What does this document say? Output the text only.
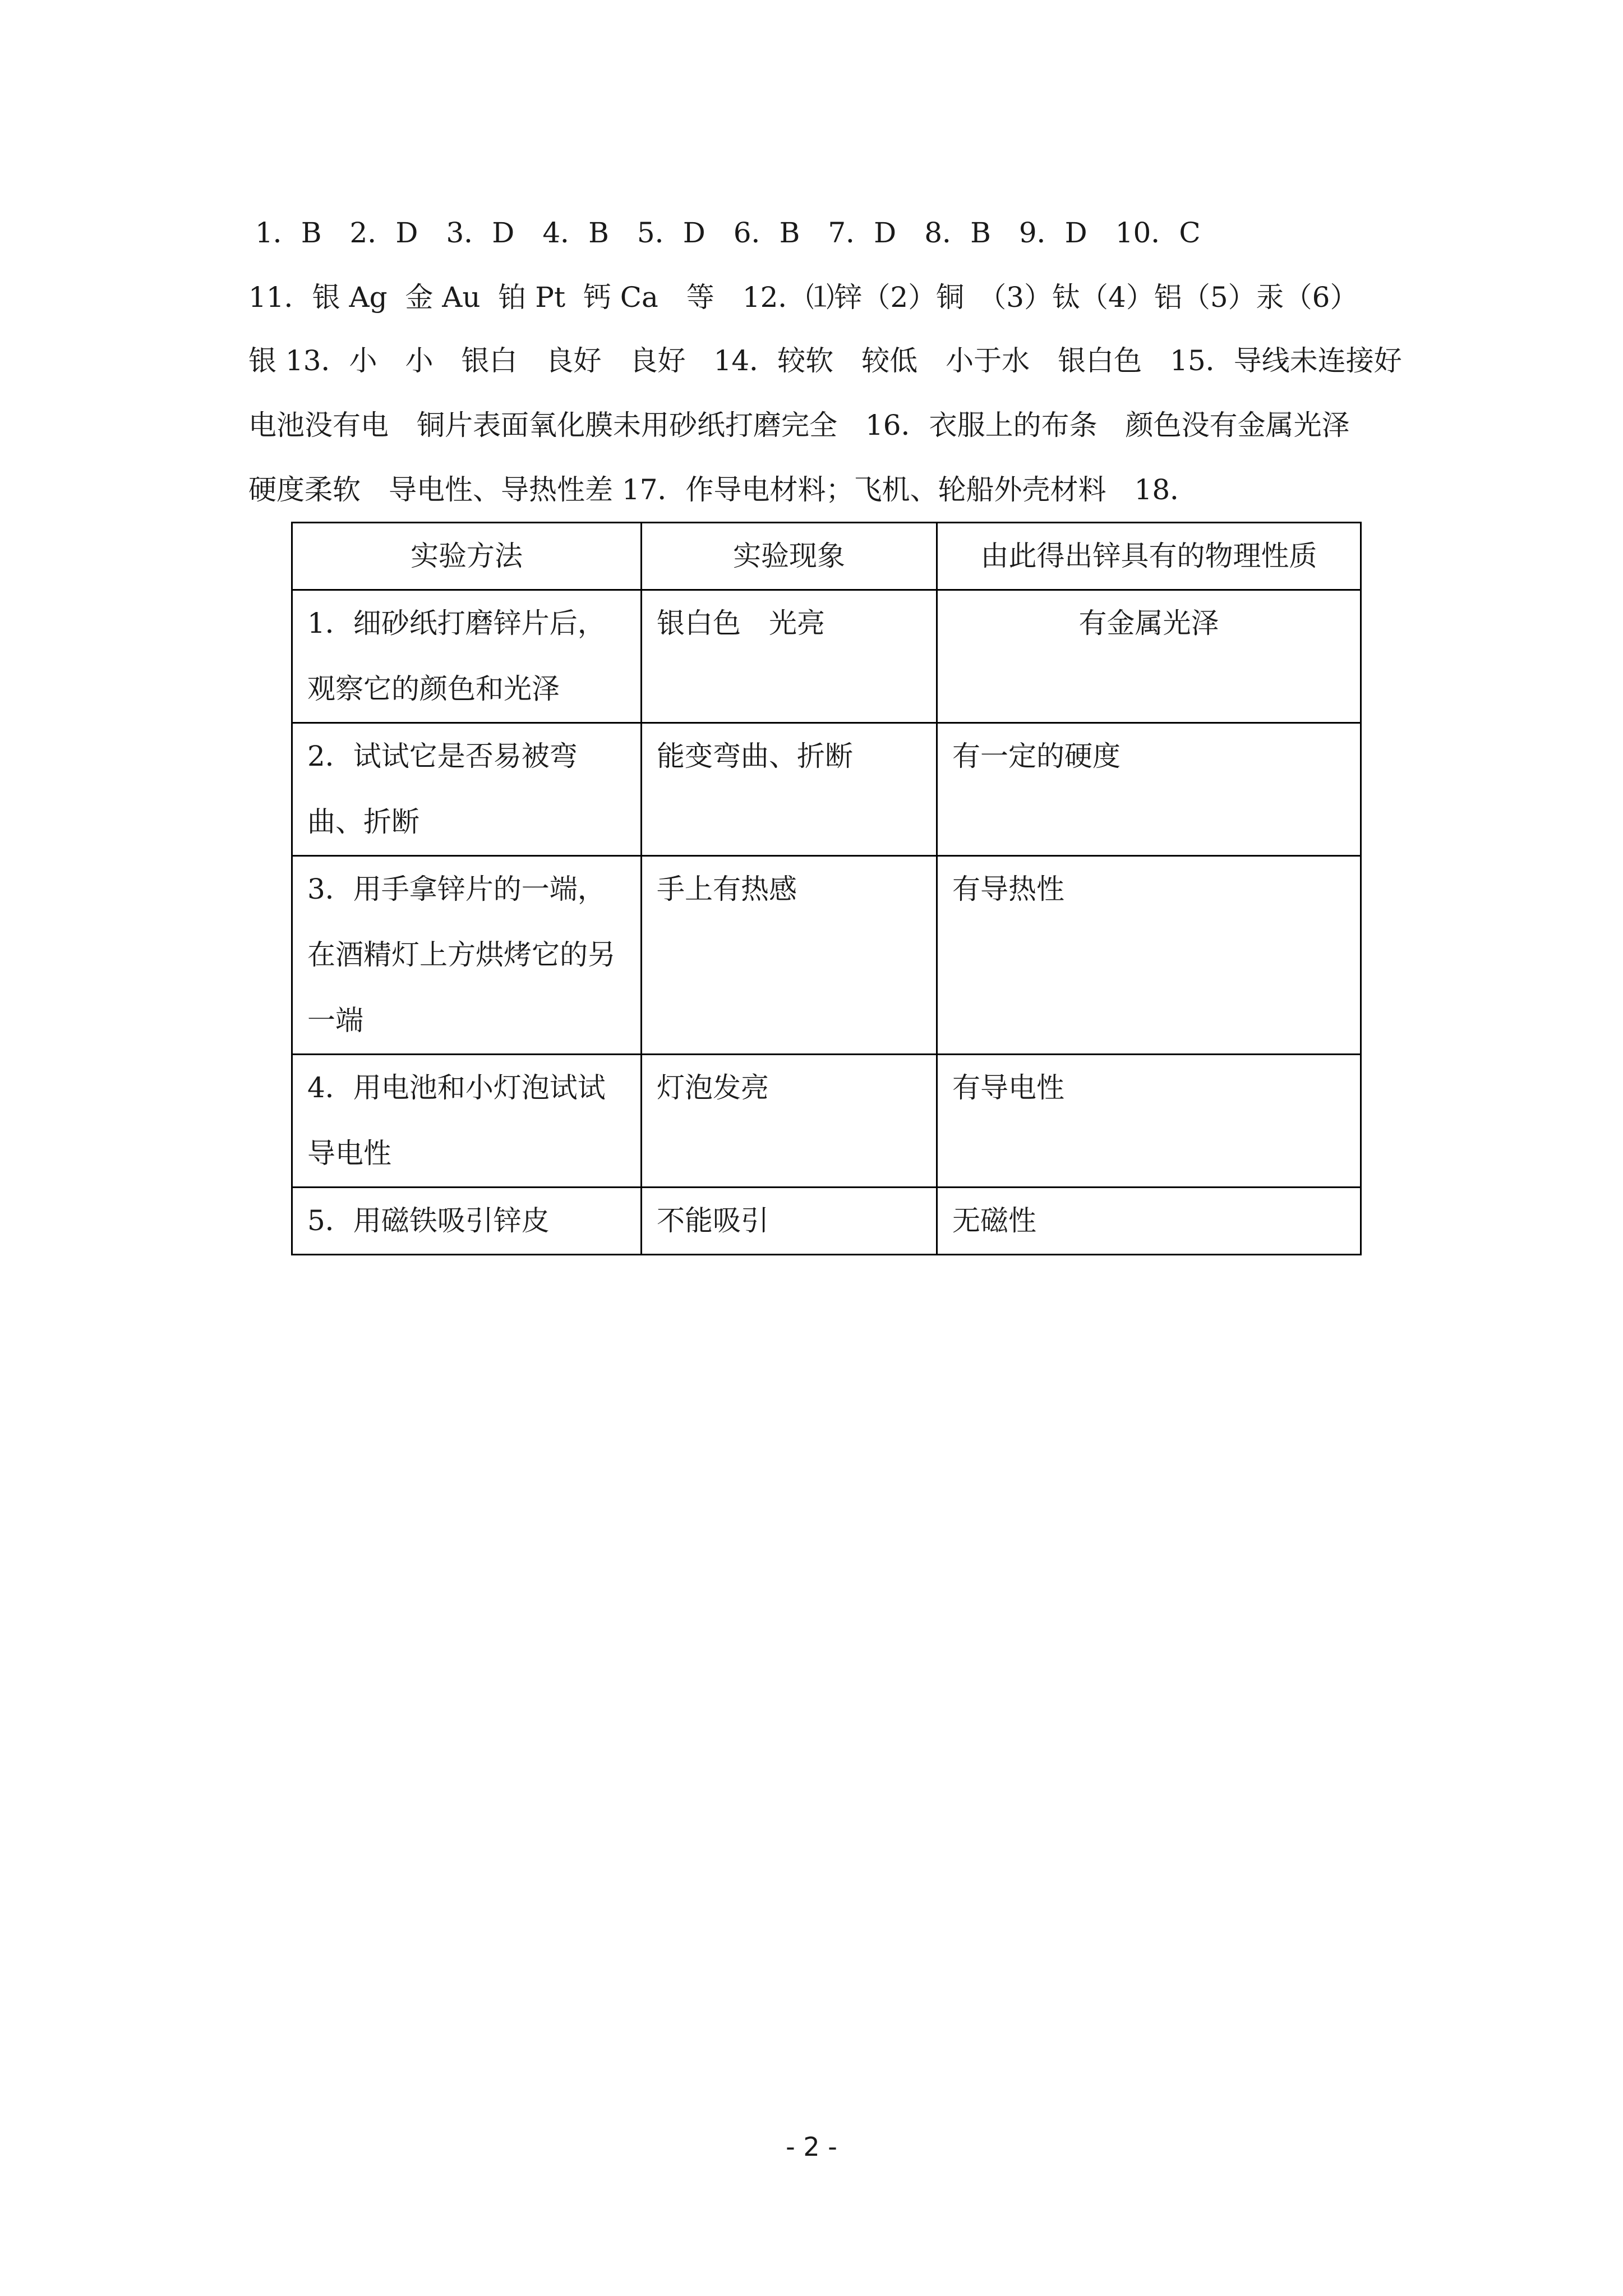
1．B　2．D　3．D　4．B　5．D　6．B　7．D　8．B　9．D　10．C
11．银 Ag  金 Au  铂 Pt  钙 Ca　等　12．⑴锌（2）铜　（3）钛（4）铝（5）汞（6）
银 13．小　小　银白　良好　良好　14．较软　较低　小于水　银白色　15．导线未连接好
电池没有电　铜片表面氧化膜未用砂纸打磨完全　16．衣服上的布条　颜色没有金属光泽
硬度柔软　导电性、导热性差 17．作导电材料；飞机、轮船外壳材料　18．
实验方法	实验现象	由此得出锌具有的物理性质
1．细砂纸打磨锌片后，观察它的颜色和光泽	银白色　光亮	有金属光泽
2．试试它是否易被弯曲、折断	能变弯曲、折断	有一定的硬度
3．用手拿锌片的一端，在酒精灯上方烘烤它的另一端	手上有热感	有导热性
4．用电池和小灯泡试试导电性	灯泡发亮	有导电性
5．用磁铁吸引锌皮	不能吸引	无磁性
- 2 -
